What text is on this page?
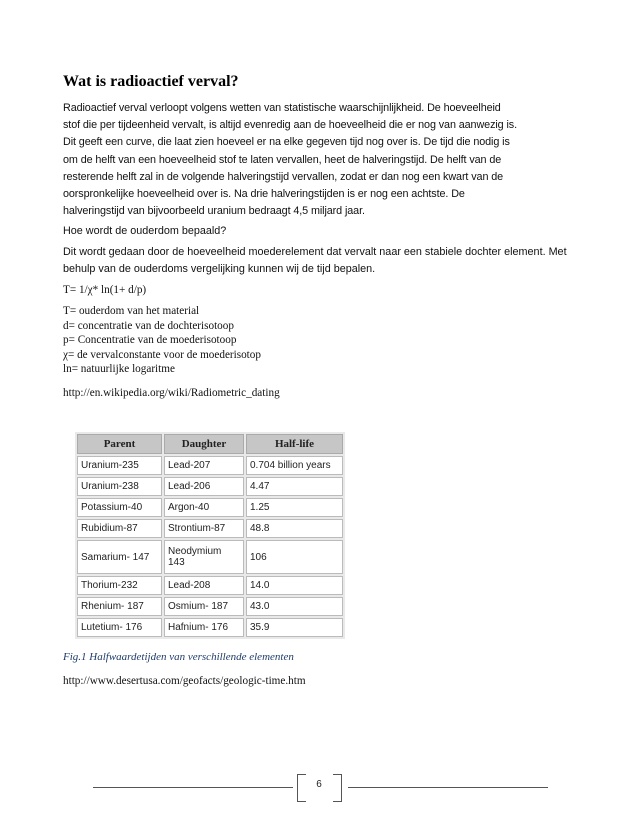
Wat is radioactief verval?

Radioactief verval verloopt volgens wetten van statistische waarschijnlijkheid. De hoeveelheid
stof die per tijdeenheid vervalt, is altijd evenredig aan de hoeveelheid die er nog van aanwezig is.
Dit geeft een curve, die laat zien hoeveel er na elke gegeven tijd nog over is. De tijd die nodig is
om de helft van een hoeveelheid stof te laten vervallen, heet de halveringstijd. De helft van de
resterende helft zal in de volgende halveringstijd vervallen, zodat er dan nog een kwart van de
oorspronkelijke hoeveelheid over is. Na drie halveringstijden is er nog een achtste. De
halveringstijd van bijvoorbeeld uranium bedraagt 4,5 miljard jaar.

Hoe wordt de ouderdom bepaald?

Dit wordt gedaan door de hoeveelheid moederelement dat vervalt naar een stabiele dochter element. Met behulp van de ouderdoms vergelijking kunnen wij de tijd bepalen.

T= 1/χ* ln(1+ d/p)

T= ouderdom van het material
d= concentratie van de dochterisotoop
p= Concentratie van de moederisotoop
χ= de vervalconstante voor de moederisotop
ln= natuurlijke logaritme

http://en.wikipedia.org/wiki/Radiometric_dating

Parent	Daughter	Half-life
Uranium-235	Lead-207	0.704 billion years
Uranium-238	Lead-206	4.47
Potassium-40	Argon-40	1.25
Rubidium-87	Strontium-87	48.8
Samarium- 147	Neodymium 143	106
Thorium-232	Lead-208	14.0
Rhenium- 187	Osmium- 187	43.0
Lutetium- 176	Hafnium- 176	35.9
Fig.1 Halfwaardetijden van verschillende elementen
http://www.desertusa.com/geofacts/geologic-time.htm
6
